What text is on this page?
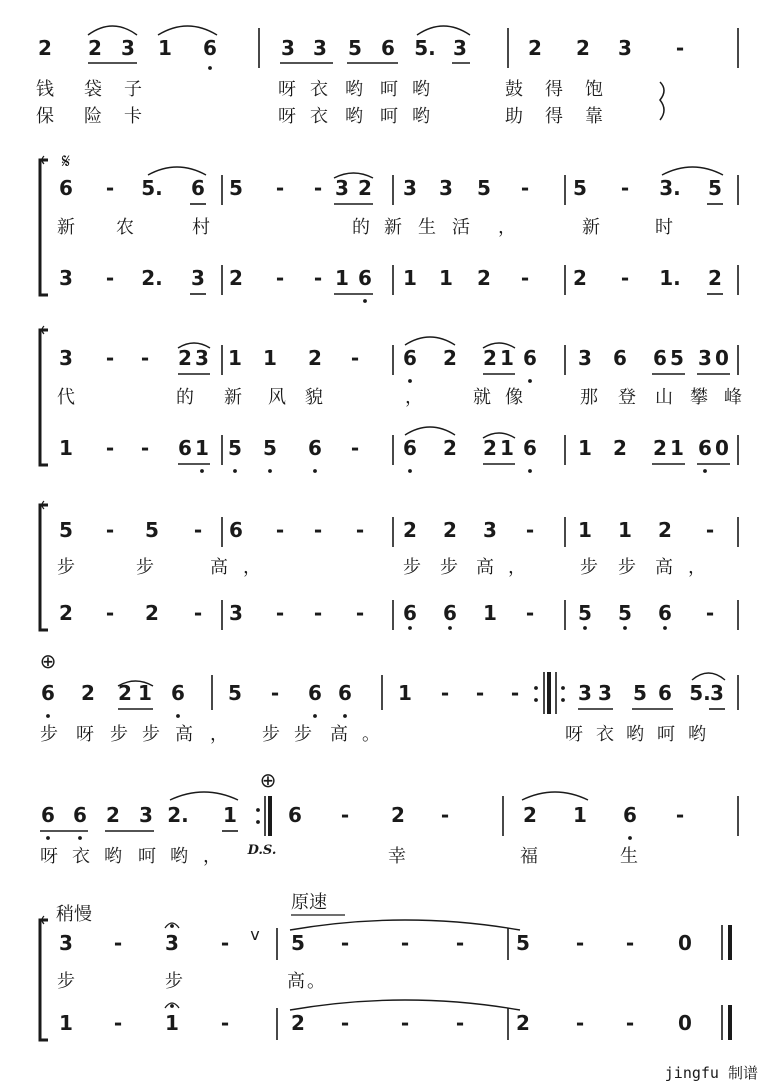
2 2 3 1 6	3 3 5 6 5. 3	2 2 3 -
钱 袋 子	呀 衣 哟 呵 哟	鼓 得 饱
保 险 卡	呀 衣 哟 呵 哟	助 得 靠
𝄋
6 - 5. 6 5 - - 3 2 3 3 5 - 5 - 3. 5
3 - 2. 3 2 - - 1 6 1 1 2 - 2 - 1. 2
新 农	村	的 新 生 活 ，	新	时
3 - - 2 3 1 1 2 - 6 2 2 1 6 3 6 6 5 3 0
1 - - 6 1 5 5 6 - 6 2 2 1 6 1 2 2 1 6 0
代	的 新 风 貌	，	就 像	那 登 山 攀 峰
5 - 5 - 6 - - - 2 2 3 - 1 1 2 -
2 - 2 - 3 - - - 6 6 1 - 5 5 6 -
步	步	高 ，	步 步 高 ，	步 步 高 ，
⊕
6 2 2 1 6 5 - 6 6 1 - - -	3 3 5 6 5. 3
步 呀 步 步 高 ， 步 步 高 。	呀 衣 哟 呵 哟
⊕
6 6 2 3 2. 1	6 - 2 -	2 1 6 -
D.S.
呀 衣 哟 呵 哟 ，	幸	福	生
稍慢
原速
3 - 3 -	5 -	- -	5 - - 0
1 - 1 -	2 -	- -	2 - - 0
v
步	步	高 。
jingfu 制谱
